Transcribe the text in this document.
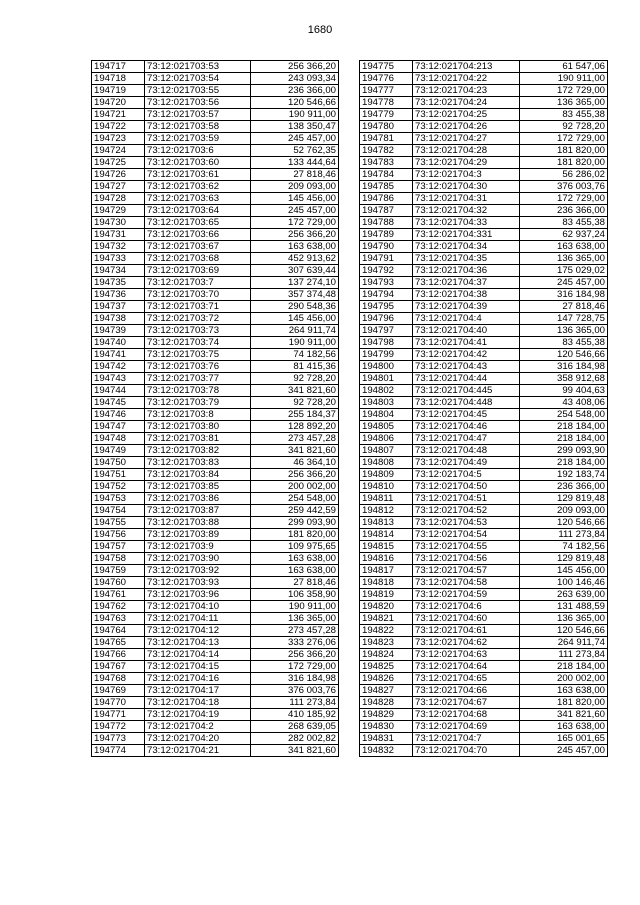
1680
194717	73:12:021703:53	256 366,20
194718	73:12:021703:54	243 093,34
194719	73:12:021703:55	236 366,00
194720	73:12:021703:56	120 546,66
194721	73:12:021703:57	190 911,00
194722	73:12:021703:58	138 350,47
194723	73:12:021703:59	245 457,00
194724	73:12:021703:6	52 762,35
194725	73:12:021703:60	133 444,64
194726	73:12:021703:61	27 818,46
194727	73:12:021703:62	209 093,00
194728	73:12:021703:63	145 456,00
194729	73:12:021703:64	245 457,00
194730	73:12:021703:65	172 729,00
194731	73:12:021703:66	256 366,20
194732	73:12:021703:67	163 638,00
194733	73:12:021703:68	452 913,62
194734	73:12:021703:69	307 639,44
194735	73:12:021703:7	137 274,10
194736	73:12:021703:70	357 374,48
194737	73:12:021703:71	290 548,36
194738	73:12:021703:72	145 456,00
194739	73:12:021703:73	264 911,74
194740	73:12:021703:74	190 911,00
194741	73:12:021703:75	74 182,56
194742	73:12:021703:76	81 415,36
194743	73:12:021703:77	92 728,20
194744	73:12:021703:78	341 821,60
194745	73:12:021703:79	92 728,20
194746	73:12:021703:8	255 184,37
194747	73:12:021703:80	128 892,20
194748	73:12:021703:81	273 457,28
194749	73:12:021703:82	341 821,60
194750	73:12:021703:83	46 364,10
194751	73:12:021703:84	256 366,20
194752	73:12:021703:85	200 002,00
194753	73:12:021703:86	254 548,00
194754	73:12:021703:87	259 442,59
194755	73:12:021703:88	299 093,90
194756	73:12:021703:89	181 820,00
194757	73:12:021703:9	109 975,65
194758	73:12:021703:90	163 638,00
194759	73:12:021703:92	163 638,00
194760	73:12:021703:93	27 818,46
194761	73:12:021703:96	106 358,90
194762	73:12:021704:10	190 911,00
194763	73:12:021704:11	136 365,00
194764	73:12:021704:12	273 457,28
194765	73:12:021704:13	333 276,06
194766	73:12:021704:14	256 366,20
194767	73:12:021704:15	172 729,00
194768	73:12:021704:16	316 184,98
194769	73:12:021704:17	376 003,76
194770	73:12:021704:18	111 273,84
194771	73:12:021704:19	410 185,92
194772	73:12:021704:2	268 639,05
194773	73:12:021704:20	282 002,82
194774	73:12:021704:21	341 821,60
194775	73:12:021704:213	61 547,06
194776	73:12:021704:22	190 911,00
194777	73:12:021704:23	172 729,00
194778	73:12:021704:24	136 365,00
194779	73:12:021704:25	83 455,38
194780	73:12:021704:26	92 728,20
194781	73:12:021704:27	172 729,00
194782	73:12:021704:28	181 820,00
194783	73:12:021704:29	181 820,00
194784	73:12:021704:3	56 286,02
194785	73:12:021704:30	376 003,76
194786	73:12:021704:31	172 729,00
194787	73:12:021704:32	236 366,00
194788	73:12:021704:33	83 455,38
194789	73:12:021704:331	62 937,24
194790	73:12:021704:34	163 638,00
194791	73:12:021704:35	136 365,00
194792	73:12:021704:36	175 029,02
194793	73:12:021704:37	245 457,00
194794	73:12:021704:38	316 184,98
194795	73:12:021704:39	27 818,46
194796	73:12:021704:4	147 728,75
194797	73:12:021704:40	136 365,00
194798	73:12:021704:41	83 455,38
194799	73:12:021704:42	120 546,66
194800	73:12:021704:43	316 184,98
194801	73:12:021704:44	358 912,68
194802	73:12:021704:445	99 404,63
194803	73:12:021704:448	43 408,06
194804	73:12:021704:45	254 548,00
194805	73:12:021704:46	218 184,00
194806	73:12:021704:47	218 184,00
194807	73:12:021704:48	299 093,90
194808	73:12:021704:49	218 184,00
194809	73:12:021704:5	192 183,74
194810	73:12:021704:50	236 366,00
194811	73:12:021704:51	129 819,48
194812	73:12:021704:52	209 093,00
194813	73:12:021704:53	120 546,66
194814	73:12:021704:54	111 273,84
194815	73:12:021704:55	74 182,56
194816	73:12:021704:56	129 819,48
194817	73:12:021704:57	145 456,00
194818	73:12:021704:58	100 146,46
194819	73:12:021704:59	263 639,00
194820	73:12:021704:6	131 488,59
194821	73:12:021704:60	136 365,00
194822	73:12:021704:61	120 546,66
194823	73:12:021704:62	264 911,74
194824	73:12:021704:63	111 273,84
194825	73:12:021704:64	218 184,00
194826	73:12:021704:65	200 002,00
194827	73:12:021704:66	163 638,00
194828	73:12:021704:67	181 820,00
194829	73:12:021704:68	341 821,60
194830	73:12:021704:69	163 638,00
194831	73:12:021704:7	165 001,65
194832	73:12:021704:70	245 457,00
